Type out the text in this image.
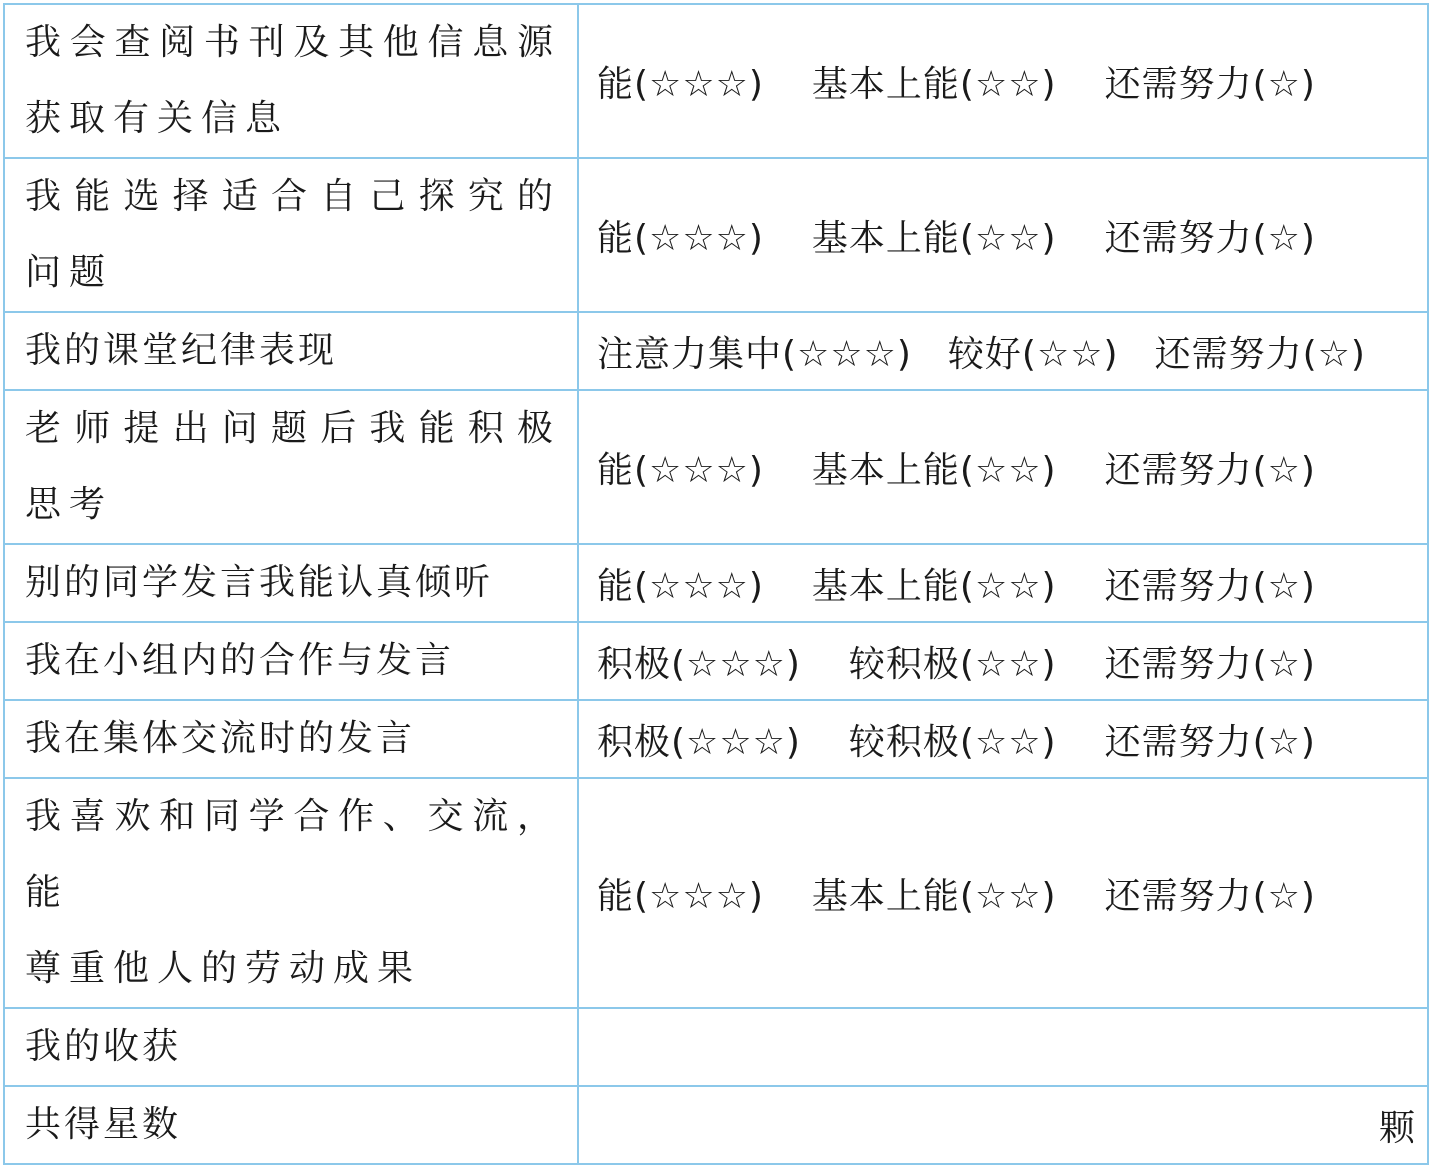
我会查阅书刊及其他信息源
获取有关信息	能(☆☆☆) 基本上能(☆☆) 还需努力(☆)

我能选择适合自己探究的
问题	能(☆☆☆) 基本上能(☆☆) 还需努力(☆)
我的课堂纪律表现	注意力集中(☆☆☆) 较好(☆☆) 还需努力(☆)

老师提出问题后我能积极
思考	能(☆☆☆) 基本上能(☆☆) 还需努力(☆)
别的同学发言我能认真倾听	能(☆☆☆) 基本上能(☆☆) 还需努力(☆)
我在小组内的合作与发言	积极(☆☆☆) 较积极(☆☆) 还需努力(☆)
我在集体交流时的发言	积极(☆☆☆) 较积极(☆☆) 还需努力(☆)

我喜欢和同学合作、交流，能
尊重他人的劳动成果	能(☆☆☆) 基本上能(☆☆) 还需努力(☆)
我的收获	
共得星数	颗
